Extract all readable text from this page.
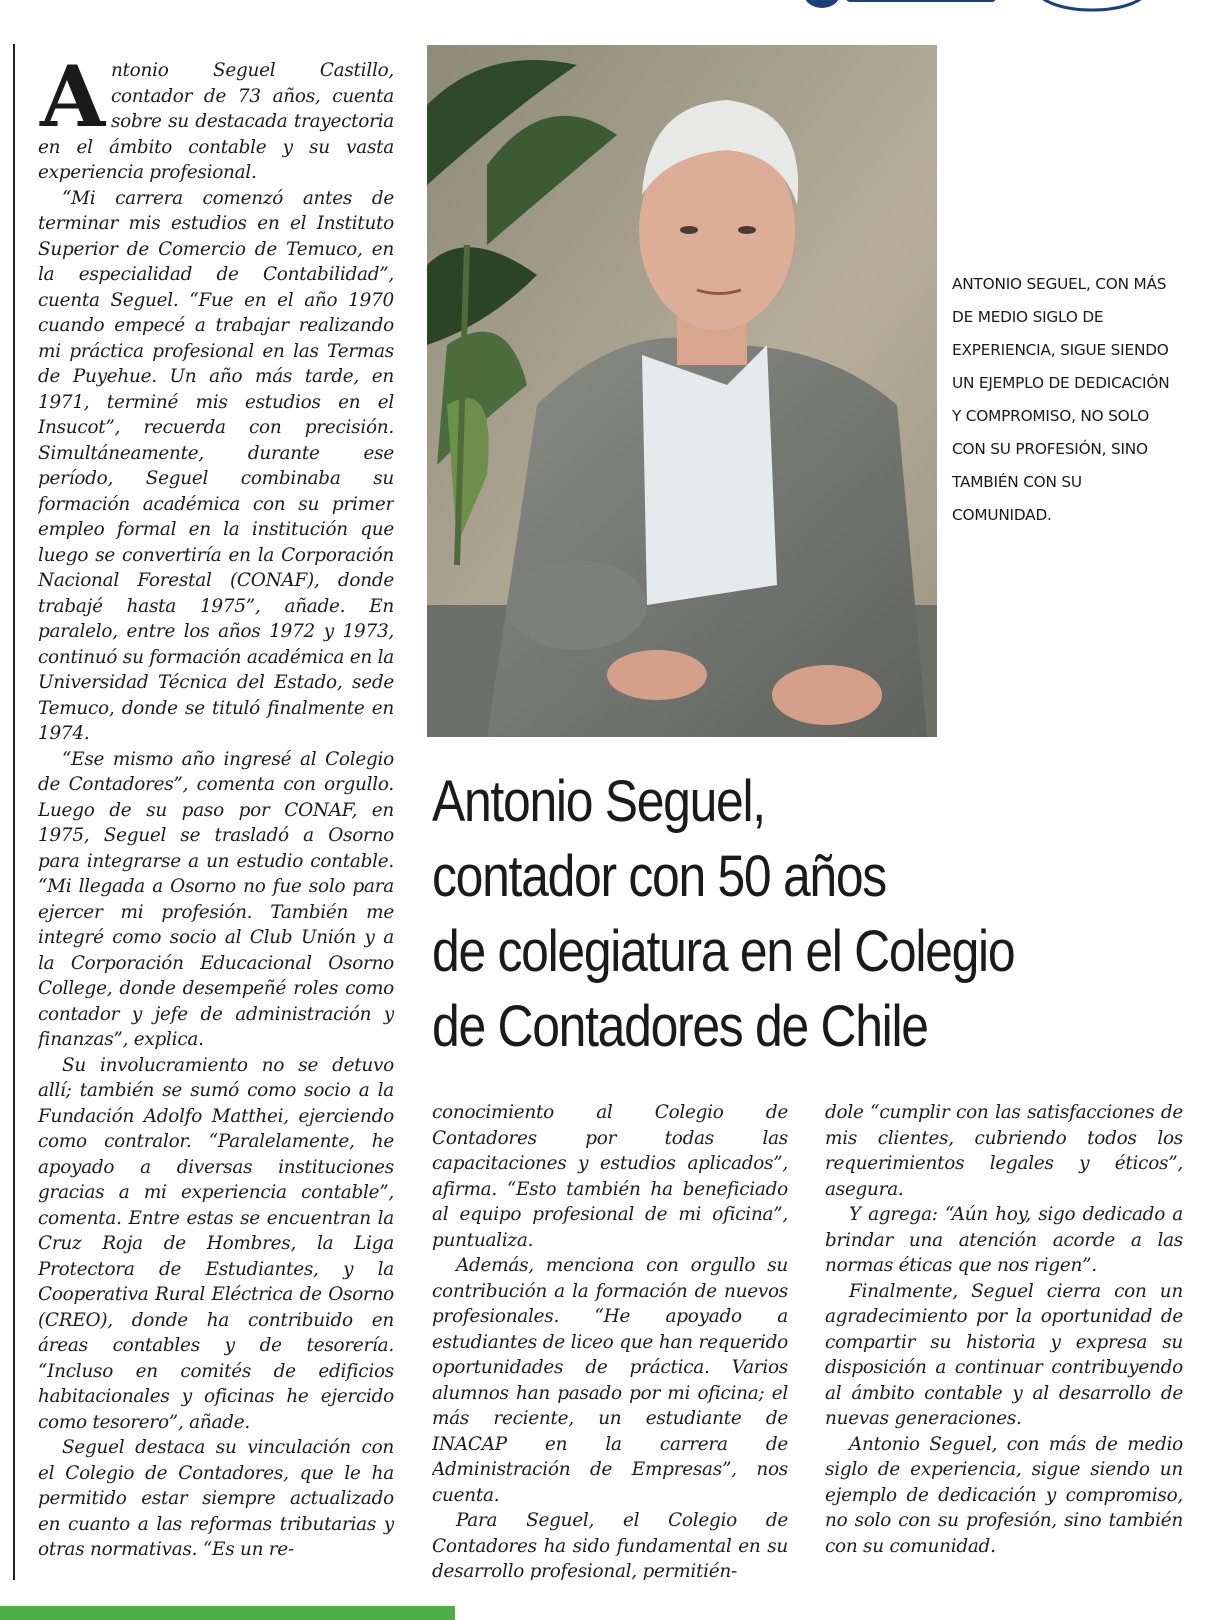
Antonio Seguel Castillo, contador de 73 años, cuenta sobre su destacada trayectoria en el ámbito contable y su vasta experiencia profesional.

“Mi carrera comenzó antes de terminar mis estudios en el Instituto Superior de Comercio de Temuco, en la especialidad de Contabilidad”, cuenta Seguel. “Fue en el año 1970 cuando empecé a trabajar realizando mi práctica profesional en las Termas de Puyehue. Un año más tarde, en 1971, terminé mis estudios en el Insucot”, recuerda con precisión. Simultáneamente, durante ese período, Seguel combinaba su formación académica con su primer empleo formal en la institución que luego se convertiría en la Corporación Nacional Forestal (CONAF), donde trabajé hasta 1975”, añade. En paralelo, entre los años 1972 y 1973, continuó su formación académica en la Universidad Técnica del Estado, sede Temuco, donde se tituló finalmente en 1974.

“Ese mismo año ingresé al Colegio de Contadores”, comenta con orgullo. Luego de su paso por CONAF, en 1975, Seguel se trasladó a Osorno para integrarse a un estudio contable. “Mi llegada a Osorno no fue solo para ejercer mi profesión. También me integré como socio al Club Unión y a la Corporación Educacional Osorno College, donde desempeñé roles como contador y jefe de administración y finanzas”, explica.

Su involucramiento no se detuvo allí; también se sumó como socio a la Fundación Adolfo Matthei, ejerciendo como contralor. “Paralelamente, he apoyado a diversas instituciones gracias a mi experiencia contable”, comenta. Entre estas se encuentran la Cruz Roja de Hombres, la Liga Protectora de Estudiantes, y la Cooperativa Rural Eléctrica de Osorno (CREO), donde ha contribuido en áreas contables y de tesorería. “Incluso en comités de edificios habitacionales y oficinas he ejercido como tesorero”, añade.

Seguel destaca su vinculación con el Colegio de Contadores, que le ha permitido estar siempre actualizado en cuanto a las reformas tributarias y otras normativas. “Es un re-

ANTONIO SEGUEL, CON MÁS DE MEDIO SIGLO DE EXPERIENCIA, SIGUE SIENDO UN EJEMPLO DE DEDICACIÓN Y COMPROMISO, NO SOLO CON SU PROFESIÓN, SINO TAMBIÉN CON SU COMUNIDAD.
Antonio Seguel,
contador con 50 años
de colegiatura en el Colegio
de Contadores de Chile

conocimiento al Colegio de Contadores por todas las capacitaciones y estudios aplicados”, afirma. “Esto también ha beneficiado al equipo profesional de mi oficina”, puntualiza.

Además, menciona con orgullo su contribución a la formación de nuevos profesionales. “He apoyado a estudiantes de liceo que han requerido oportunidades de práctica. Varios alumnos han pasado por mi oficina; el más reciente, un estudiante de INACAP en la carrera de Administración de Empresas”, nos cuenta.

Para Seguel, el Colegio de Contadores ha sido fundamental en su desarrollo profesional, permitién-

dole “cumplir con las satisfacciones de mis clientes, cubriendo todos los requerimientos legales y éticos”, asegura.

Y agrega: “Aún hoy, sigo dedicado a brindar una atención acorde a las normas éticas que nos rigen”.

Finalmente, Seguel cierra con un agradecimiento por la oportunidad de compartir su historia y expresa su disposición a continuar contribuyendo al ámbito contable y al desarrollo de nuevas generaciones.

Antonio Seguel, con más de medio siglo de experiencia, sigue siendo un ejemplo de dedicación y compromiso, no solo con su profesión, sino también con su comunidad.
